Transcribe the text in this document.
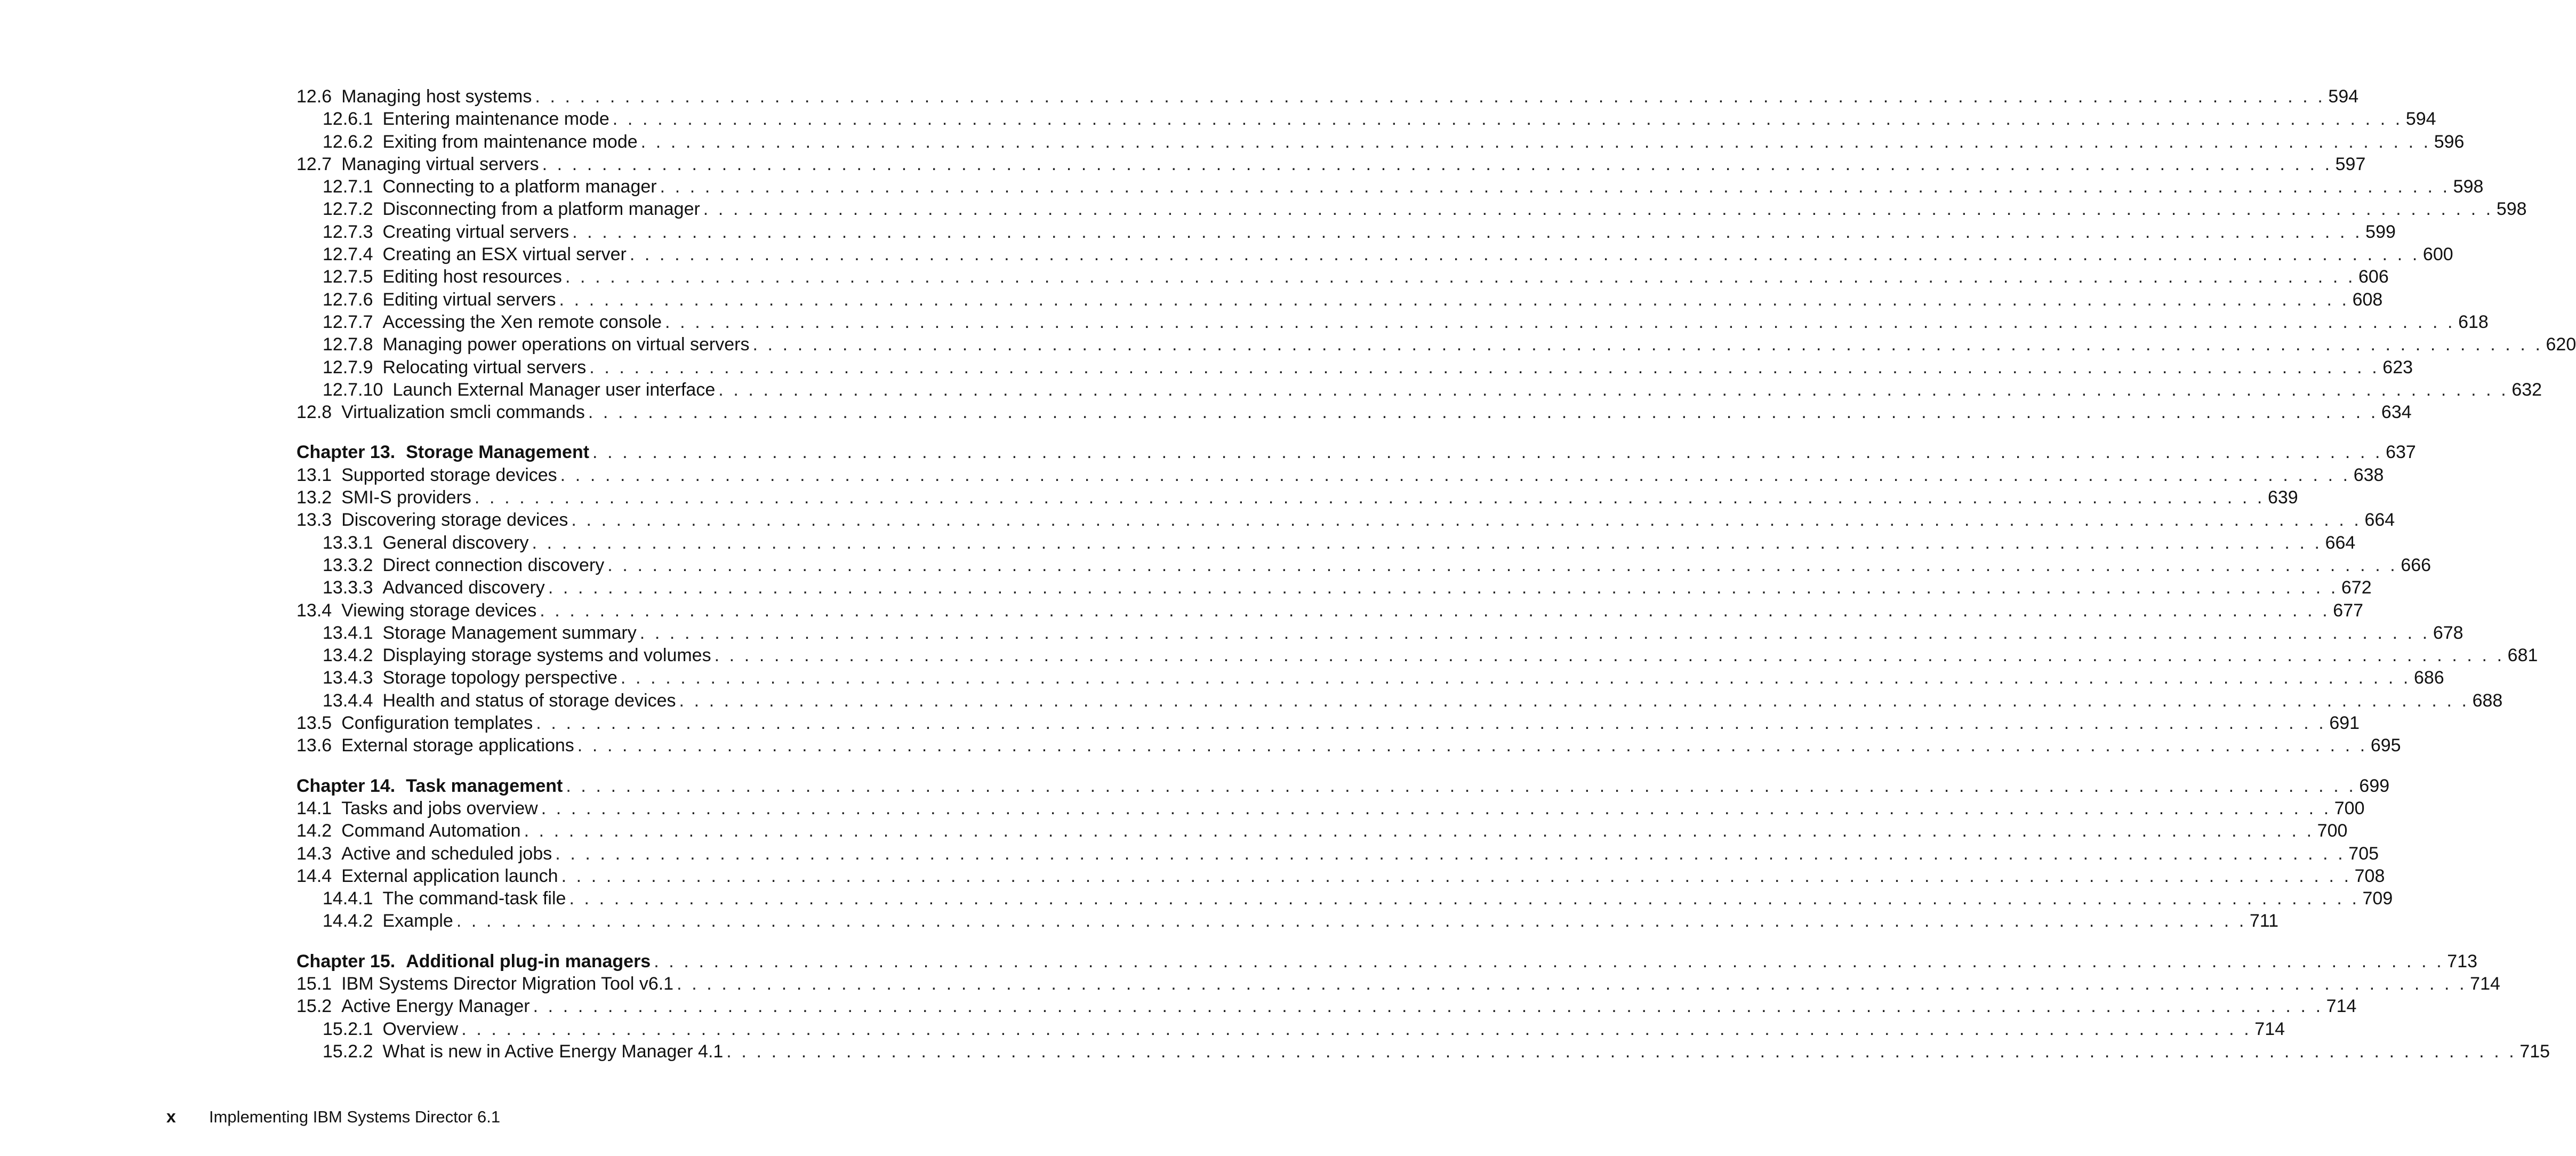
12.6 Managing host systems . . . . . . . . . . . . . . . . . . . . . . . . . . . . . . . . . . . . . . . . . . . . . . . . . . . . . . . . . . . . . . . . . . . . . . . . . . . . . . . . . . . . . . . . . . . . . . . . . . . . . . . . . . . . . . . . . . . . . . . . 594
12.6.1 Entering maintenance mode . . . . . . . . . . . . . . . . . . . . . . . . . . . . . . . . . . . . . . . . . . . . . . . . . . . . . . . . . . . . . . . . . . . . . . . . . . . . . . . . . . . . . . . . . . . . . . . . . . . . . . . . . . . . . . . . . . . . . . . . 594
12.6.2 Exiting from maintenance mode . . . . . . . . . . . . . . . . . . . . . . . . . . . . . . . . . . . . . . . . . . . . . . . . . . . . . . . . . . . . . . . . . . . . . . . . . . . . . . . . . . . . . . . . . . . . . . . . . . . . . . . . . . . . . . . . . . . . . . . . 596
12.7 Managing virtual servers . . . . . . . . . . . . . . . . . . . . . . . . . . . . . . . . . . . . . . . . . . . . . . . . . . . . . . . . . . . . . . . . . . . . . . . . . . . . . . . . . . . . . . . . . . . . . . . . . . . . . . . . . . . . . . . . . . . . . . . . 597
12.7.1 Connecting to a platform manager . . . . . . . . . . . . . . . . . . . . . . . . . . . . . . . . . . . . . . . . . . . . . . . . . . . . . . . . . . . . . . . . . . . . . . . . . . . . . . . . . . . . . . . . . . . . . . . . . . . . . . . . . . . . . . . . . . . . . . . . 598
12.7.2 Disconnecting from a platform manager . . . . . . . . . . . . . . . . . . . . . . . . . . . . . . . . . . . . . . . . . . . . . . . . . . . . . . . . . . . . . . . . . . . . . . . . . . . . . . . . . . . . . . . . . . . . . . . . . . . . . . . . . . . . . . . . . . . . . . . . 598
12.7.3 Creating virtual servers . . . . . . . . . . . . . . . . . . . . . . . . . . . . . . . . . . . . . . . . . . . . . . . . . . . . . . . . . . . . . . . . . . . . . . . . . . . . . . . . . . . . . . . . . . . . . . . . . . . . . . . . . . . . . . . . . . . . . . . . 599
12.7.4 Creating an ESX virtual server . . . . . . . . . . . . . . . . . . . . . . . . . . . . . . . . . . . . . . . . . . . . . . . . . . . . . . . . . . . . . . . . . . . . . . . . . . . . . . . . . . . . . . . . . . . . . . . . . . . . . . . . . . . . . . . . . . . . . . . . 600
12.7.5 Editing host resources . . . . . . . . . . . . . . . . . . . . . . . . . . . . . . . . . . . . . . . . . . . . . . . . . . . . . . . . . . . . . . . . . . . . . . . . . . . . . . . . . . . . . . . . . . . . . . . . . . . . . . . . . . . . . . . . . . . . . . . . 606
12.7.6 Editing virtual servers . . . . . . . . . . . . . . . . . . . . . . . . . . . . . . . . . . . . . . . . . . . . . . . . . . . . . . . . . . . . . . . . . . . . . . . . . . . . . . . . . . . . . . . . . . . . . . . . . . . . . . . . . . . . . . . . . . . . . . . . 608
12.7.7 Accessing the Xen remote console . . . . . . . . . . . . . . . . . . . . . . . . . . . . . . . . . . . . . . . . . . . . . . . . . . . . . . . . . . . . . . . . . . . . . . . . . . . . . . . . . . . . . . . . . . . . . . . . . . . . . . . . . . . . . . . . . . . . . . . . 618
12.7.8 Managing power operations on virtual servers . . . . . . . . . . . . . . . . . . . . . . . . . . . . . . . . . . . . . . . . . . . . . . . . . . . . . . . . . . . . . . . . . . . . . . . . . . . . . . . . . . . . . . . . . . . . . . . . . . . . . . . . . . . . . . . . . . . . . . . . 620
12.7.9 Relocating virtual servers . . . . . . . . . . . . . . . . . . . . . . . . . . . . . . . . . . . . . . . . . . . . . . . . . . . . . . . . . . . . . . . . . . . . . . . . . . . . . . . . . . . . . . . . . . . . . . . . . . . . . . . . . . . . . . . . . . . . . . . . 623
12.7.10 Launch External Manager user interface . . . . . . . . . . . . . . . . . . . . . . . . . . . . . . . . . . . . . . . . . . . . . . . . . . . . . . . . . . . . . . . . . . . . . . . . . . . . . . . . . . . . . . . . . . . . . . . . . . . . . . . . . . . . . . . . . . . . . . . . 632
12.8 Virtualization smcli commands . . . . . . . . . . . . . . . . . . . . . . . . . . . . . . . . . . . . . . . . . . . . . . . . . . . . . . . . . . . . . . . . . . . . . . . . . . . . . . . . . . . . . . . . . . . . . . . . . . . . . . . . . . . . . . . . . . . . . . . . 634
Chapter 13. Storage Management . . . . . . . . . . . . . . . . . . . . . . . . . . . . . . . . . . . . . . . . . . . . . . . . . . . . . . . . . . . . . . . . . . . . . . . . . . . . . . . . . . . . . . . . . . . . . . . . . . . . . . . . . . . . . . . . . . . . . . . . 637
13.1 Supported storage devices . . . . . . . . . . . . . . . . . . . . . . . . . . . . . . . . . . . . . . . . . . . . . . . . . . . . . . . . . . . . . . . . . . . . . . . . . . . . . . . . . . . . . . . . . . . . . . . . . . . . . . . . . . . . . . . . . . . . . . . . 638
13.2 SMI-S providers . . . . . . . . . . . . . . . . . . . . . . . . . . . . . . . . . . . . . . . . . . . . . . . . . . . . . . . . . . . . . . . . . . . . . . . . . . . . . . . . . . . . . . . . . . . . . . . . . . . . . . . . . . . . . . . . . . . . . . . . 639
13.3 Discovering storage devices . . . . . . . . . . . . . . . . . . . . . . . . . . . . . . . . . . . . . . . . . . . . . . . . . . . . . . . . . . . . . . . . . . . . . . . . . . . . . . . . . . . . . . . . . . . . . . . . . . . . . . . . . . . . . . . . . . . . . . . . 664
13.3.1 General discovery . . . . . . . . . . . . . . . . . . . . . . . . . . . . . . . . . . . . . . . . . . . . . . . . . . . . . . . . . . . . . . . . . . . . . . . . . . . . . . . . . . . . . . . . . . . . . . . . . . . . . . . . . . . . . . . . . . . . . . . . 664
13.3.2 Direct connection discovery . . . . . . . . . . . . . . . . . . . . . . . . . . . . . . . . . . . . . . . . . . . . . . . . . . . . . . . . . . . . . . . . . . . . . . . . . . . . . . . . . . . . . . . . . . . . . . . . . . . . . . . . . . . . . . . . . . . . . . . . 666
13.3.3 Advanced discovery . . . . . . . . . . . . . . . . . . . . . . . . . . . . . . . . . . . . . . . . . . . . . . . . . . . . . . . . . . . . . . . . . . . . . . . . . . . . . . . . . . . . . . . . . . . . . . . . . . . . . . . . . . . . . . . . . . . . . . . . 672
13.4 Viewing storage devices . . . . . . . . . . . . . . . . . . . . . . . . . . . . . . . . . . . . . . . . . . . . . . . . . . . . . . . . . . . . . . . . . . . . . . . . . . . . . . . . . . . . . . . . . . . . . . . . . . . . . . . . . . . . . . . . . . . . . . . . 677
13.4.1 Storage Management summary . . . . . . . . . . . . . . . . . . . . . . . . . . . . . . . . . . . . . . . . . . . . . . . . . . . . . . . . . . . . . . . . . . . . . . . . . . . . . . . . . . . . . . . . . . . . . . . . . . . . . . . . . . . . . . . . . . . . . . . . 678
13.4.2 Displaying storage systems and volumes . . . . . . . . . . . . . . . . . . . . . . . . . . . . . . . . . . . . . . . . . . . . . . . . . . . . . . . . . . . . . . . . . . . . . . . . . . . . . . . . . . . . . . . . . . . . . . . . . . . . . . . . . . . . . . . . . . . . . . . . 681
13.4.3 Storage topology perspective . . . . . . . . . . . . . . . . . . . . . . . . . . . . . . . . . . . . . . . . . . . . . . . . . . . . . . . . . . . . . . . . . . . . . . . . . . . . . . . . . . . . . . . . . . . . . . . . . . . . . . . . . . . . . . . . . . . . . . . . 686
13.4.4 Health and status of storage devices . . . . . . . . . . . . . . . . . . . . . . . . . . . . . . . . . . . . . . . . . . . . . . . . . . . . . . . . . . . . . . . . . . . . . . . . . . . . . . . . . . . . . . . . . . . . . . . . . . . . . . . . . . . . . . . . . . . . . . . . 688
13.5 Configuration templates . . . . . . . . . . . . . . . . . . . . . . . . . . . . . . . . . . . . . . . . . . . . . . . . . . . . . . . . . . . . . . . . . . . . . . . . . . . . . . . . . . . . . . . . . . . . . . . . . . . . . . . . . . . . . . . . . . . . . . . . 691
13.6 External storage applications . . . . . . . . . . . . . . . . . . . . . . . . . . . . . . . . . . . . . . . . . . . . . . . . . . . . . . . . . . . . . . . . . . . . . . . . . . . . . . . . . . . . . . . . . . . . . . . . . . . . . . . . . . . . . . . . . . . . . . . . 695
Chapter 14. Task management . . . . . . . . . . . . . . . . . . . . . . . . . . . . . . . . . . . . . . . . . . . . . . . . . . . . . . . . . . . . . . . . . . . . . . . . . . . . . . . . . . . . . . . . . . . . . . . . . . . . . . . . . . . . . . . . . . . . . . . . 699
14.1 Tasks and jobs overview . . . . . . . . . . . . . . . . . . . . . . . . . . . . . . . . . . . . . . . . . . . . . . . . . . . . . . . . . . . . . . . . . . . . . . . . . . . . . . . . . . . . . . . . . . . . . . . . . . . . . . . . . . . . . . . . . . . . . . . . 700
14.2 Command Automation . . . . . . . . . . . . . . . . . . . . . . . . . . . . . . . . . . . . . . . . . . . . . . . . . . . . . . . . . . . . . . . . . . . . . . . . . . . . . . . . . . . . . . . . . . . . . . . . . . . . . . . . . . . . . . . . . . . . . . . . 700
14.3 Active and scheduled jobs . . . . . . . . . . . . . . . . . . . . . . . . . . . . . . . . . . . . . . . . . . . . . . . . . . . . . . . . . . . . . . . . . . . . . . . . . . . . . . . . . . . . . . . . . . . . . . . . . . . . . . . . . . . . . . . . . . . . . . . . 705
14.4 External application launch . . . . . . . . . . . . . . . . . . . . . . . . . . . . . . . . . . . . . . . . . . . . . . . . . . . . . . . . . . . . . . . . . . . . . . . . . . . . . . . . . . . . . . . . . . . . . . . . . . . . . . . . . . . . . . . . . . . . . . . . 708
14.4.1 The command-task file . . . . . . . . . . . . . . . . . . . . . . . . . . . . . . . . . . . . . . . . . . . . . . . . . . . . . . . . . . . . . . . . . . . . . . . . . . . . . . . . . . . . . . . . . . . . . . . . . . . . . . . . . . . . . . . . . . . . . . . . 709
14.4.2 Example . . . . . . . . . . . . . . . . . . . . . . . . . . . . . . . . . . . . . . . . . . . . . . . . . . . . . . . . . . . . . . . . . . . . . . . . . . . . . . . . . . . . . . . . . . . . . . . . . . . . . . . . . . . . . . . . . . . . . . . . 711
Chapter 15. Additional plug-in managers . . . . . . . . . . . . . . . . . . . . . . . . . . . . . . . . . . . . . . . . . . . . . . . . . . . . . . . . . . . . . . . . . . . . . . . . . . . . . . . . . . . . . . . . . . . . . . . . . . . . . . . . . . . . . . . . . . . . . . . . 713
15.1 IBM Systems Director Migration Tool v6.1 . . . . . . . . . . . . . . . . . . . . . . . . . . . . . . . . . . . . . . . . . . . . . . . . . . . . . . . . . . . . . . . . . . . . . . . . . . . . . . . . . . . . . . . . . . . . . . . . . . . . . . . . . . . . . . . . . . . . . . . . 714
15.2 Active Energy Manager . . . . . . . . . . . . . . . . . . . . . . . . . . . . . . . . . . . . . . . . . . . . . . . . . . . . . . . . . . . . . . . . . . . . . . . . . . . . . . . . . . . . . . . . . . . . . . . . . . . . . . . . . . . . . . . . . . . . . . . . 714
15.2.1 Overview . . . . . . . . . . . . . . . . . . . . . . . . . . . . . . . . . . . . . . . . . . . . . . . . . . . . . . . . . . . . . . . . . . . . . . . . . . . . . . . . . . . . . . . . . . . . . . . . . . . . . . . . . . . . . . . . . . . . . . . . 714
15.2.2 What is new in Active Energy Manager 4.1 . . . . . . . . . . . . . . . . . . . . . . . . . . . . . . . . . . . . . . . . . . . . . . . . . . . . . . . . . . . . . . . . . . . . . . . . . . . . . . . . . . . . . . . . . . . . . . . . . . . . . . . . . . . . . . . . . . . . . . . . 715
x	Implementing IBM Systems Director 6.1
